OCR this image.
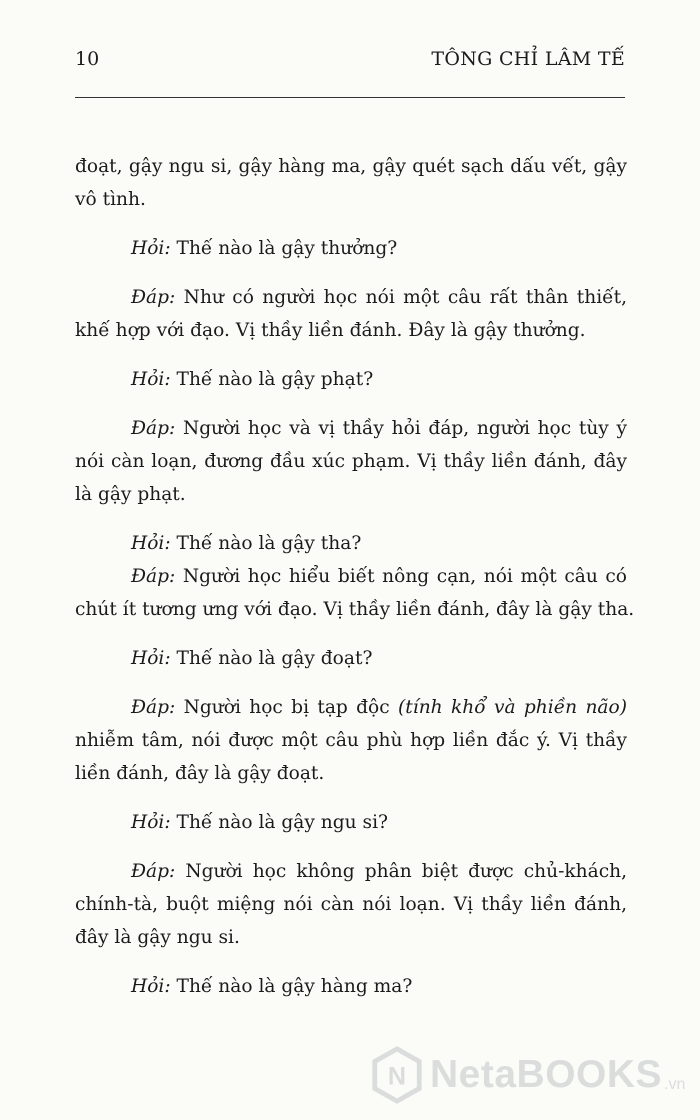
10	TÔNG CHỈ LÂM TẾ

đoạt, gậy ngu si, gậy hàng ma, gậy quét sạch dấu vết, gậy
vô tình.

Hỏi: Thế nào là gậy thưởng?

Đáp: Như có người học nói một câu rất thân thiết,
khế hợp với đạo. Vị thầy liền đánh. Đây là gậy thưởng.

Hỏi: Thế nào là gậy phạt?

Đáp: Người học và vị thầy hỏi đáp, người học tùy ý
nói càn loạn, đương đầu xúc phạm. Vị thầy liền đánh, đây
là gậy phạt.

Hỏi: Thế nào là gậy tha?

Đáp: Người học hiểu biết nông cạn, nói một câu có
chút ít tương ưng với đạo. Vị thầy liền đánh, đây là gậy tha.

Hỏi: Thế nào là gậy đoạt?

Đáp: Người học bị tạp độc (tính khổ và phiền não)
nhiễm tâm, nói được một câu phù hợp liền đắc ý. Vị thầy
liền đánh, đây là gậy đoạt.

Hỏi: Thế nào là gậy ngu si?

Đáp: Người học không phân biệt được chủ-khách,
chính-tà, buột miệng nói càn nói loạn. Vị thầy liền đánh,
đây là gậy ngu si.

Hỏi: Thế nào là gậy hàng ma?

N NetaBOOKS .vn
